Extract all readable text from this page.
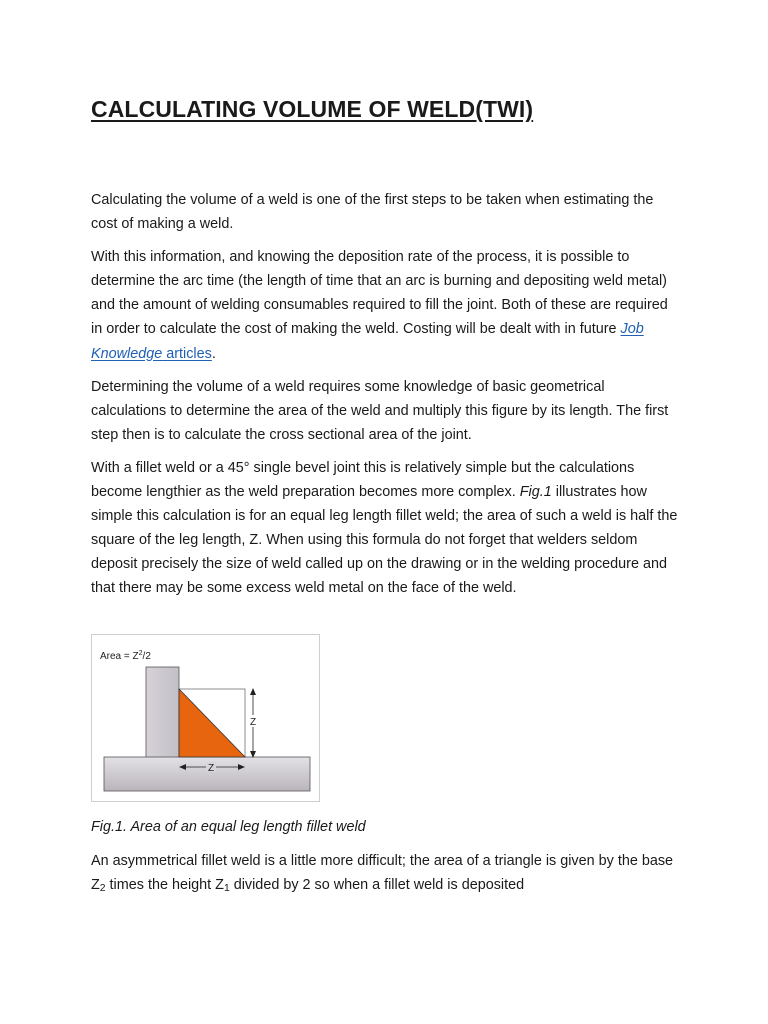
CALCULATING VOLUME OF WELD(TWI)

Calculating the volume of a weld is one of the first steps to be taken when estimating the cost of making a weld.

With this information, and knowing the deposition rate of the process, it is possible to determine the arc time (the length of time that an arc is burning and depositing weld metal) and the amount of welding consumables required to fill the joint. Both of these are required in order to calculate the cost of making the weld. Costing will be dealt with in future Job Knowledge articles.

Determining the volume of a weld requires some knowledge of basic geometrical calculations to determine the area of the weld and multiply this figure by its length. The first step then is to calculate the cross sectional area of the joint.

With a fillet weld or a 45° single bevel joint this is relatively simple but the calculations become lengthier as the weld preparation becomes more complex. Fig.1 illustrates how simple this calculation is for an equal leg length fillet weld; the area of such a weld is half the square of the leg length, Z. When using this formula do not forget that welders seldom deposit precisely the size of weld called up on the drawing or in the welding procedure and that there may be some excess weld metal on the face of the weld.

Area = $Z^2/2$
Z
Z

Fig.1. Area of an equal leg length fillet weld

An asymmetrical fillet weld is a little more difficult; the area of a triangle is given by the base Z2 times the height Z1 divided by 2 so when a fillet weld is deposited
